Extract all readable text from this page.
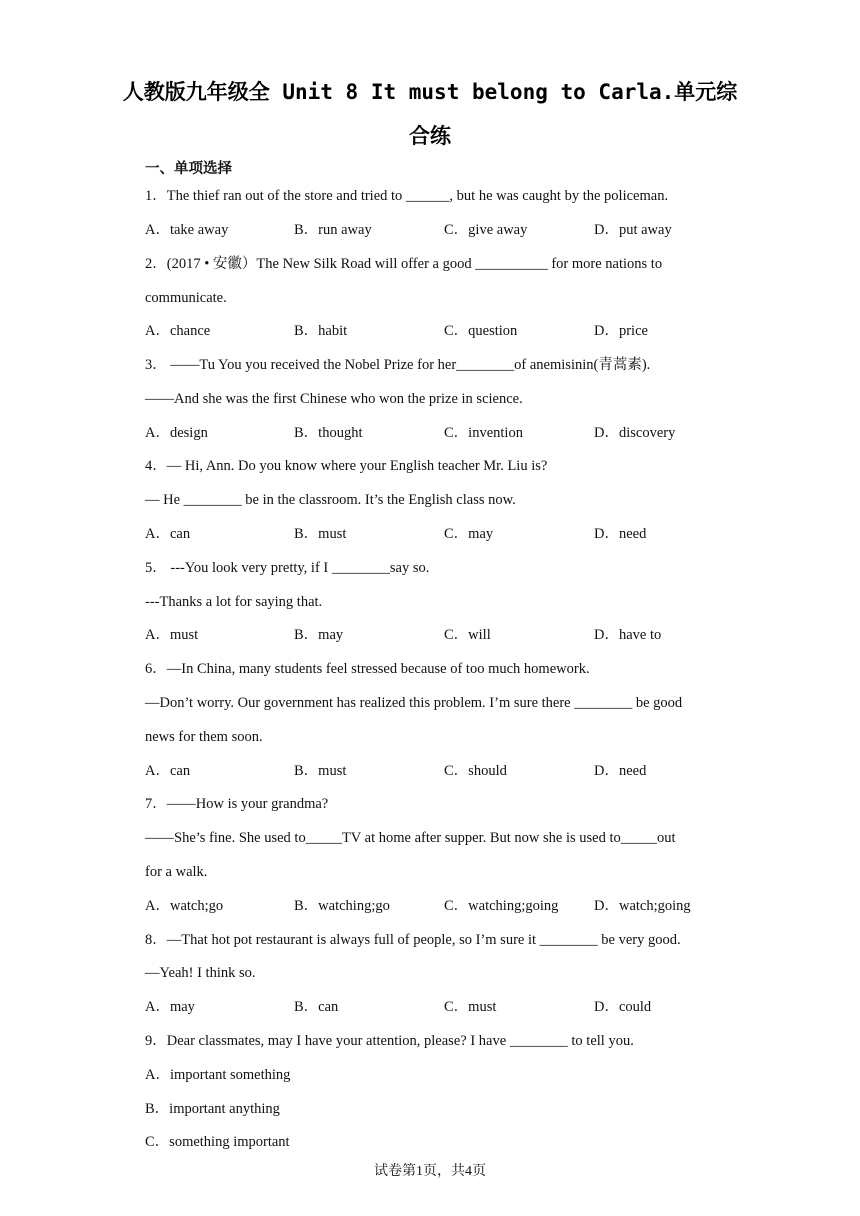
人教版九年级全 Unit 8 It must belong to Carla.单元综
合练
一、单项选择
1．The thief ran out of the store and tried to ______, but he was caught by the policeman.
A．take away	B．run away	C．give away	D．put away
2．(2017 • 安徽）The New Silk Road will offer a good __________ for more nations to
communicate.
A．chance	B．habit	C．question	D．price
3． ——Tu You you received the Nobel Prize for her________of anemisinin(青蒿素).
——And she was the first Chinese who won the prize in science.
A．design	B．thought	C．invention	D．discovery
4．— Hi, Ann. Do you know where your English teacher Mr. Liu is?
— He ________ be in the classroom. It’s the English class now.
A．can	B．must	C．may	D．need
5． ---You look very pretty, if I ________say so.
---Thanks a lot for saying that.
A．must	B．may	C．will	D．have to
6．—In China, many students feel stressed because of too much homework.
—Don’t worry. Our government has realized this problem. I’m sure there ________ be good
news for them soon.
A．can	B．must	C．should	D．need
7．——How is your grandma?
——She’s fine. She used to_____TV at home after supper. But now she is used to_____out
for a walk.
A．watch;go	B．watching;go	C．watching;going D．watch;going
8．—That hot pot restaurant is always full of people, so I’m sure it ________ be very good.
—Yeah! I think so.
A．may	B．can	C．must	D．could
9．Dear classmates, may I have your attention, please? I have ________ to tell you.
A．important something
B．important anything
C．something important
试卷第1页，共4页
